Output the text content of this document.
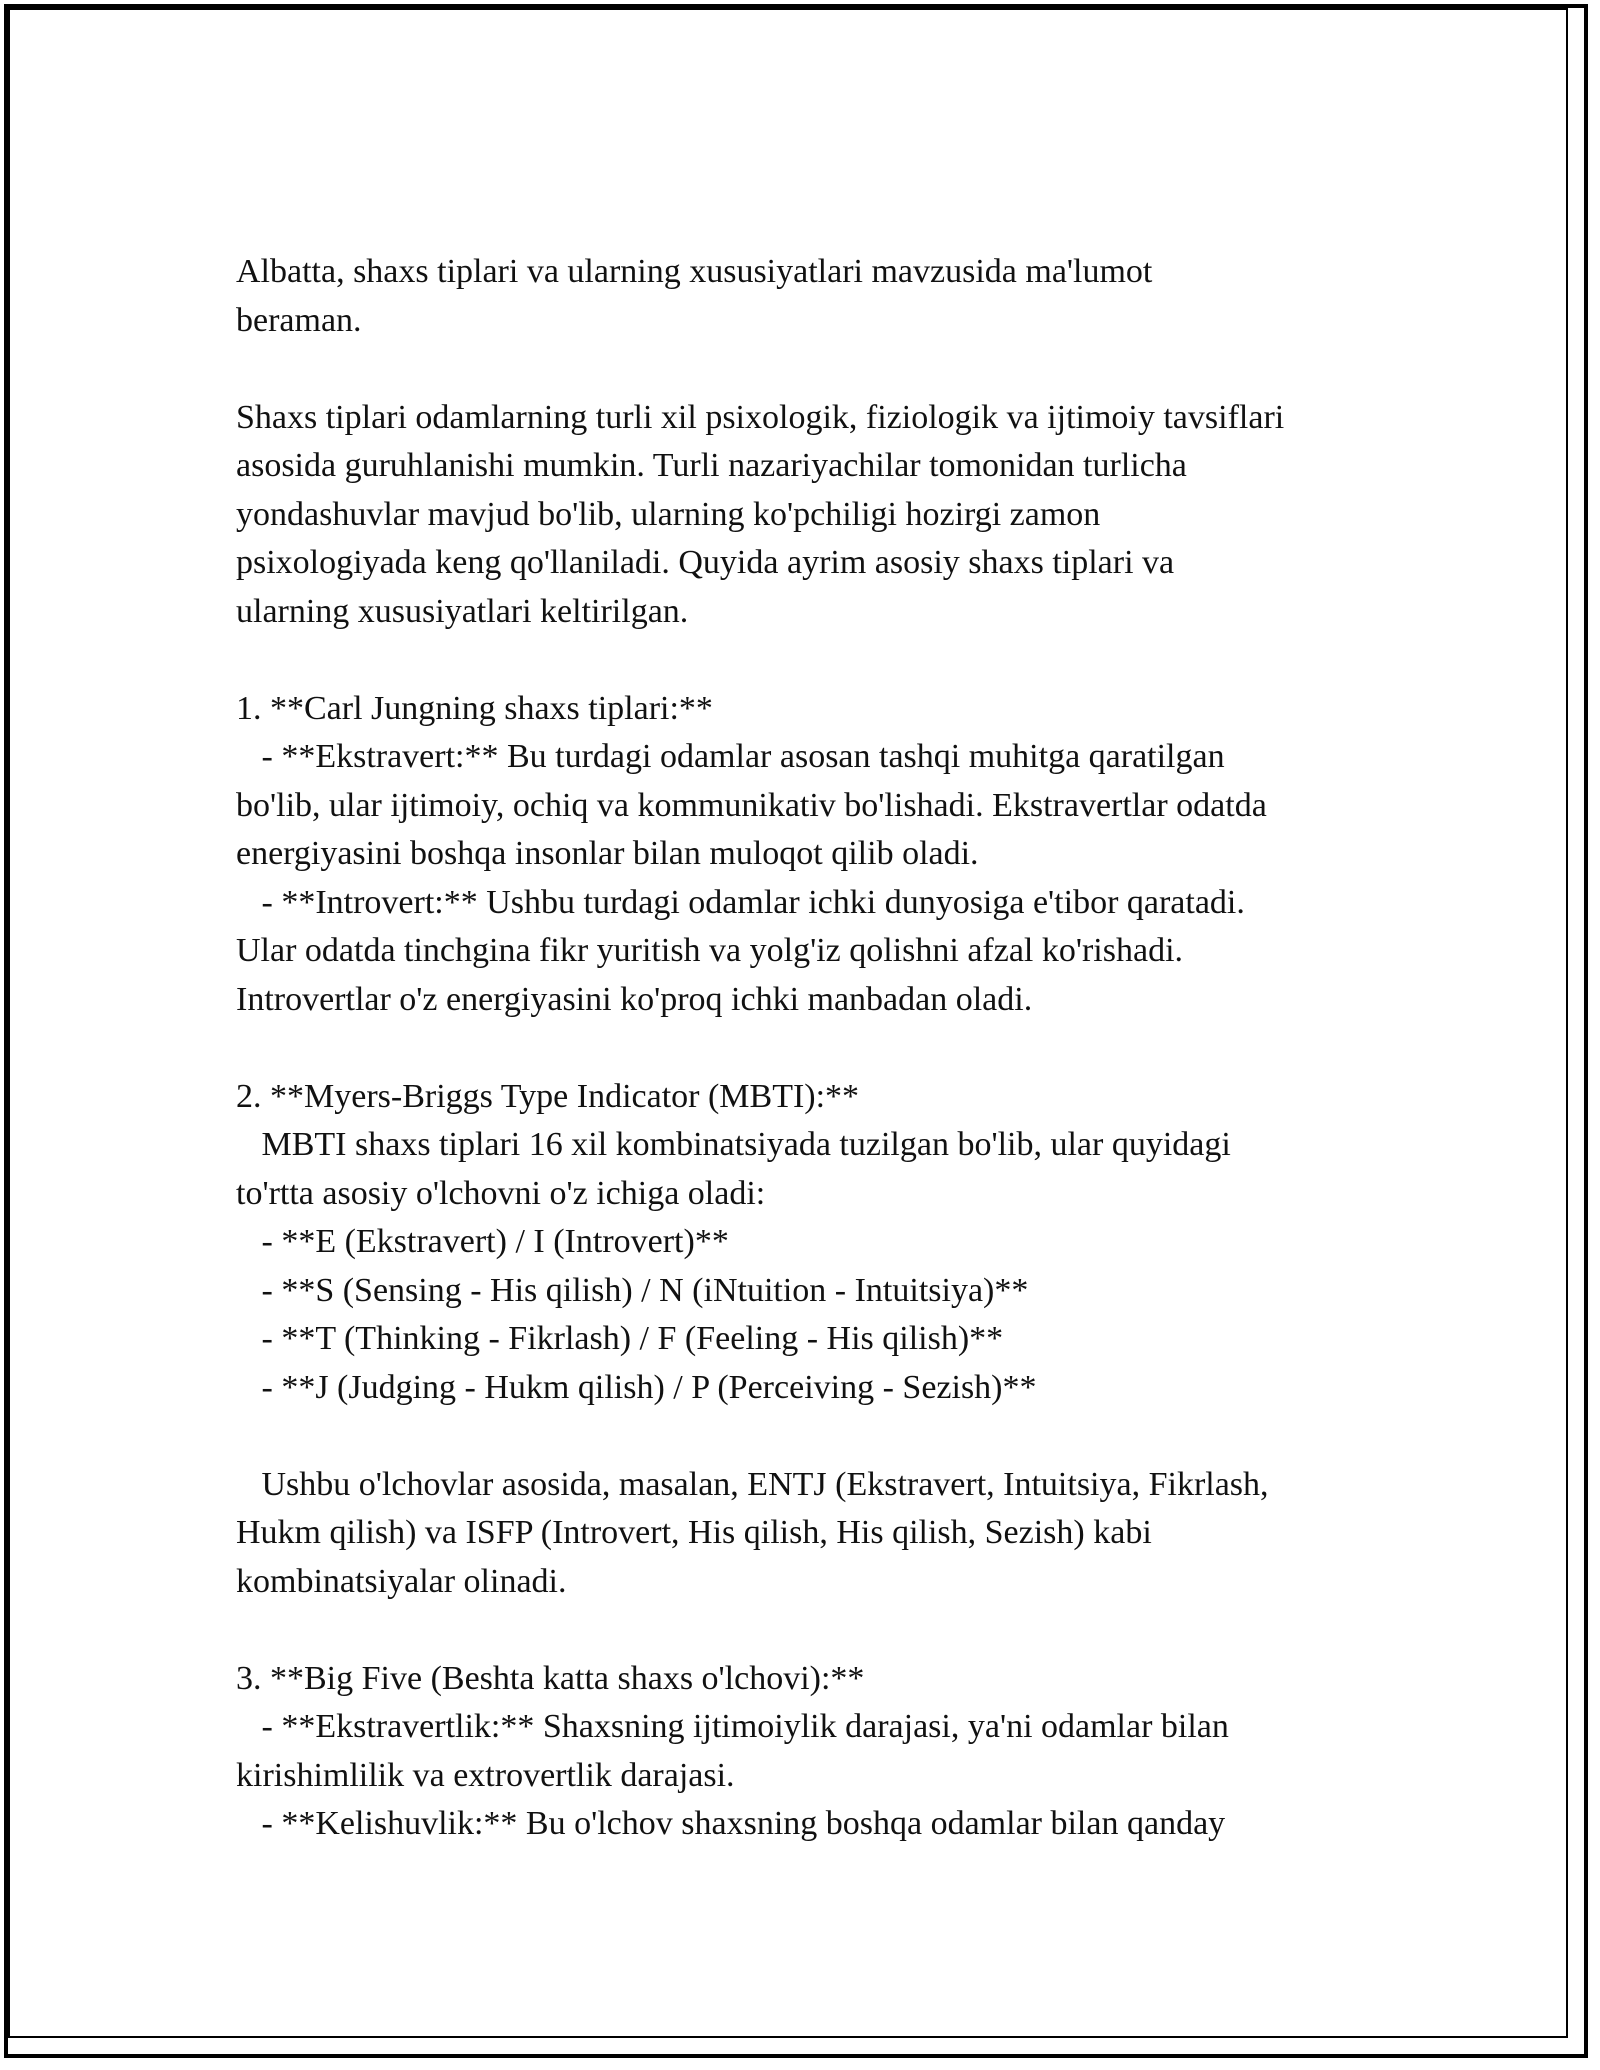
Albatta, shaxs tiplari va ularning xususiyatlari mavzusida ma'lumot
beraman.
Shaxs tiplari odamlarning turli xil psixologik, fiziologik va ijtimoiy tavsiflari
asosida guruhlanishi mumkin. Turli nazariyachilar tomonidan turlicha
yondashuvlar mavjud bo'lib, ularning ko'pchiligi hozirgi zamon
psixologiyada keng qo'llaniladi. Quyida ayrim asosiy shaxs tiplari va
ularning xususiyatlari keltirilgan.
1. **Carl Jungning shaxs tiplari:**
- **Ekstravert:** Bu turdagi odamlar asosan tashqi muhitga qaratilgan
bo'lib, ular ijtimoiy, ochiq va kommunikativ bo'lishadi. Ekstravertlar odatda
energiyasini boshqa insonlar bilan muloqot qilib oladi.
- **Introvert:** Ushbu turdagi odamlar ichki dunyosiga e'tibor qaratadi.
Ular odatda tinchgina fikr yuritish va yolg'iz qolishni afzal ko'rishadi.
Introvertlar o'z energiyasini ko'proq ichki manbadan oladi.
2. **Myers-Briggs Type Indicator (MBTI):**
MBTI shaxs tiplari 16 xil kombinatsiyada tuzilgan bo'lib, ular quyidagi
to'rtta asosiy o'lchovni o'z ichiga oladi:
- **E (Ekstravert) / I (Introvert)**
- **S (Sensing - His qilish) / N (iNtuition - Intuitsiya)**
- **T (Thinking - Fikrlash) / F (Feeling - His qilish)**
- **J (Judging - Hukm qilish) / P (Perceiving - Sezish)**
Ushbu o'lchovlar asosida, masalan, ENTJ (Ekstravert, Intuitsiya, Fikrlash,
Hukm qilish) va ISFP (Introvert, His qilish, His qilish, Sezish) kabi
kombinatsiyalar olinadi.
3. **Big Five (Beshta katta shaxs o'lchovi):**
- **Ekstravertlik:** Shaxsning ijtimoiylik darajasi, ya'ni odamlar bilan
kirishimlilik va extrovertlik darajasi.
- **Kelishuvlik:** Bu o'lchov shaxsning boshqa odamlar bilan qanday
